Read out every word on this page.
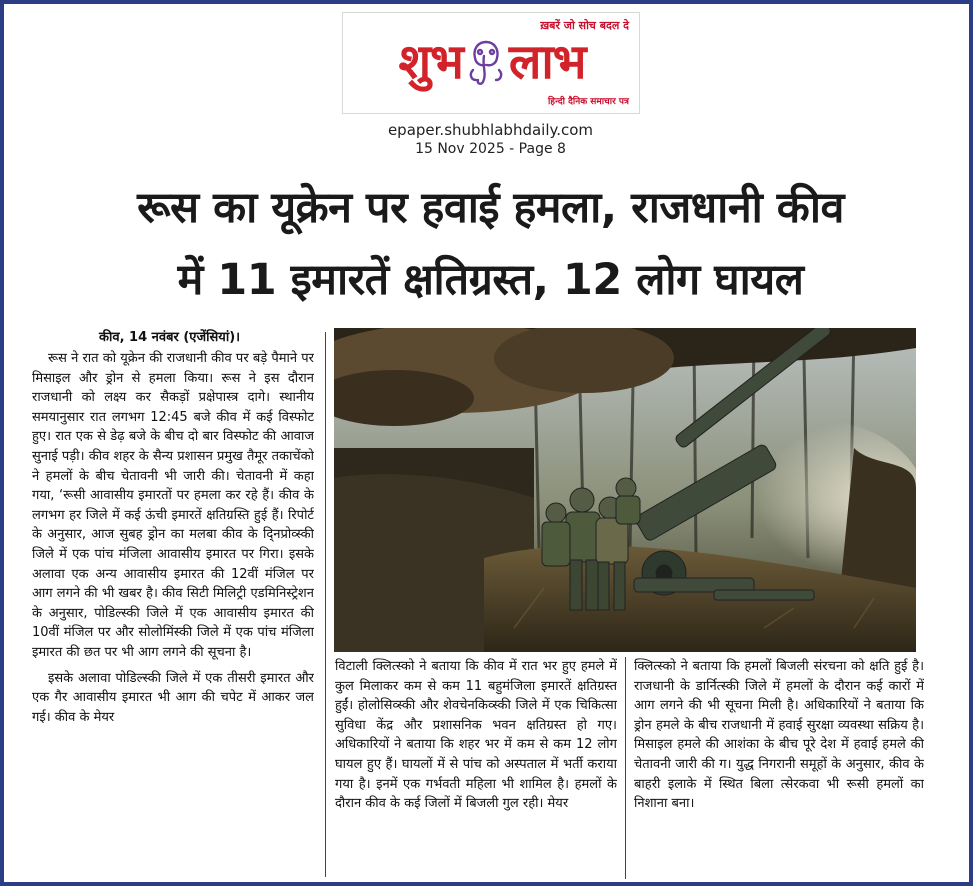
ख़बरें जो सोच बदल दे
शुभ लाभ
हिन्दी दैनिक समाचार पत्र
epaper.shubhlabhdaily.com
15 Nov 2025 - Page 8
रूस का यूक्रेन पर हवाई हमला, राजधानी कीव
में 11 इमारतें क्षतिग्रस्त, 12 लोग घायल
कीव, 14 नवंबर (एजेंसियां)।

रूस ने रात को यूक्रेन की राजधानी कीव पर बड़े पैमाने पर मिसाइल और ड्रोन से हमला किया। रूस ने इस दौरान राजधानी को लक्ष्य कर सैकड़ों प्रक्षेपास्त्र दागे। स्थानीय समयानुसार रात लगभग 12:45 बजे कीव में कई विस्फोट हुए। रात एक से डेढ़ बजे के बीच दो बार विस्फोट की आवाज सुनाई पड़ी। कीव शहर के सैन्य प्रशासन प्रमुख तैमूर तकाचेंको ने हमलों के बीच चेतावनी भी जारी की। चेतावनी में कहा गया, ‘रूसी आवासीय इमारतों पर हमला कर रहे हैं। कीव के लगभग हर जिले में कई ऊंची इमारतें क्षतिग्रस्ति हुई हैं। रिपोर्ट के अनुसार, आज सुबह ड्रोन का मलबा कीव के दि्नप्रोव्स्की जिले में एक पांच मंजिला आवासीय इमारत पर गिरा। इसके अलावा एक अन्य आवासीय इमारत की 12वीं मंजिल पर आग लगने की भी खबर है। कीव सिटी मिलिट्री एडमिनिस्ट्रेशन के अनुसार, पोडिल्स्की जिले में एक आवासीय इमारत की 10वीं मंजिल पर और सोलोमिंस्की जिले में एक पांच मंजिला इमारत की छत पर भी आग लगने की सूचना है।

इसके अलावा पोडिल्स्की जिले में एक तीसरी इमारत और एक गैर आवासीय इमारत भी आग की चपेट में आकर जल गई। कीव के मेयर

विटाली क्लित्स्को ने बताया कि कीव में रात भर हुए हमले में कुल मिलाकर कम से कम 11 बहुमंजिला इमारतें क्षतिग्रस्त हुईं। होलोसिव्स्की और शेवचेनकिव्स्की जिले में एक चिकित्सा सुविधा केंद्र और प्रशासनिक भवन क्षतिग्रस्त हो गए। अधिकारियों ने बताया कि शहर भर में कम से कम 12 लोग घायल हुए हैं। घायलों में से पांच को अस्पताल में भर्ती कराया गया है। इनमें एक गर्भवती महिला भी शामिल है। हमलों के दौरान कीव के कई जिलों में बिजली गुल रही। मेयर

क्लित्स्को ने बताया कि हमलों बिजली संरचना को क्षति हुई है। राजधानी के डार्नित्स्की जिले में हमलों के दौरान कई कारों में आग लगने की भी सूचना मिली है। अधिकारियों ने बताया कि ड्रोन हमले के बीच राजधानी में हवाई सुरक्षा व्यवस्था सक्रिय है। मिसाइल हमले की आशंका के बीच पूरे देश में हवाई हमले की चेतावनी जारी की ग। युद्ध निगरानी समूहों के अनुसार, कीव के बाहरी इलाके में स्थित बिला त्सेरकवा भी रूसी हमलों का निशाना बना।
